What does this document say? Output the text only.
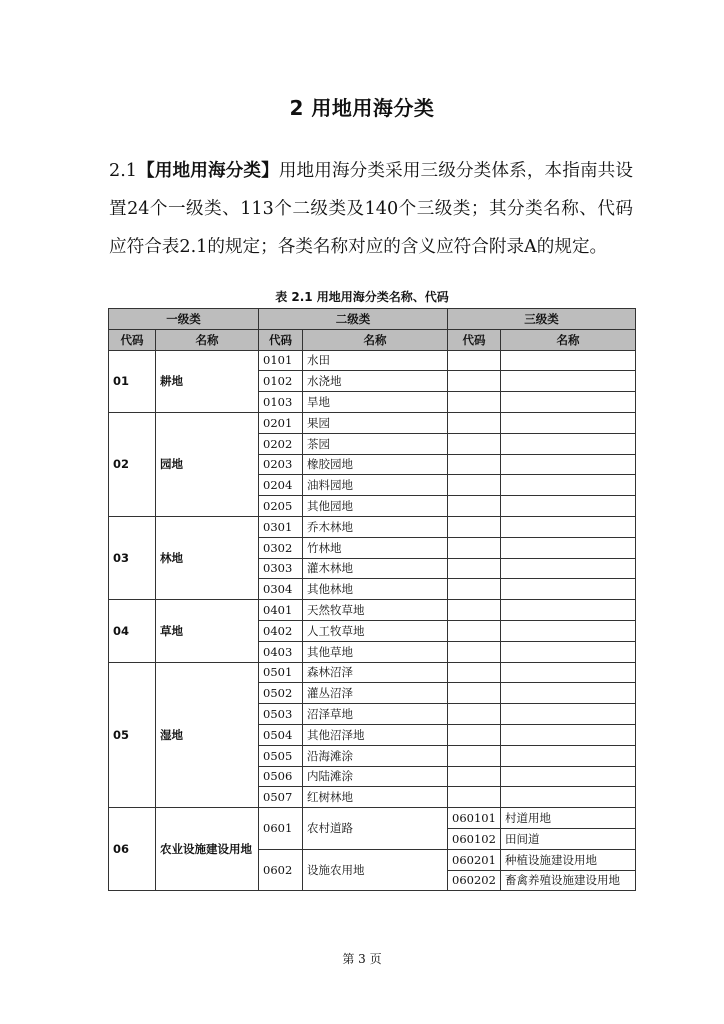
2 用地用海分类

2.1【用地用海分类】用地用海分类采用三级分类体系，本指南共设置24个一级类、113个二级类及140个三级类；其分类名称、代码应符合表2.1的规定；各类名称对应的含义应符合附录A的规定。

表 2.1 用地用海分类名称、代码
一级类		二级类		三级类	
代码	名称	代码	名称	代码	名称
01	耕地	0101	水田		
		0102	水浇地		
		0103	旱地		
02	园地	0201	果园		
		0202	茶园		
		0203	橡胶园地		
		0204	油料园地		
		0205	其他园地		
03	林地	0301	乔木林地		
		0302	竹林地		
		0303	灌木林地		
		0304	其他林地		
04	草地	0401	天然牧草地		
		0402	人工牧草地		
		0403	其他草地		
05	湿地	0501	森林沼泽		
		0502	灌丛沼泽		
		0503	沼泽草地		
		0504	其他沼泽地		
		0505	沿海滩涂		
		0506	内陆滩涂		
		0507	红树林地		
06	农业设施建设用地	0601	农村道路	060101	村道用地
				060102	田间道
		0602	设施农用地	060201	种植设施建设用地
				060202	畜禽养殖设施建设用地
第 3 页
